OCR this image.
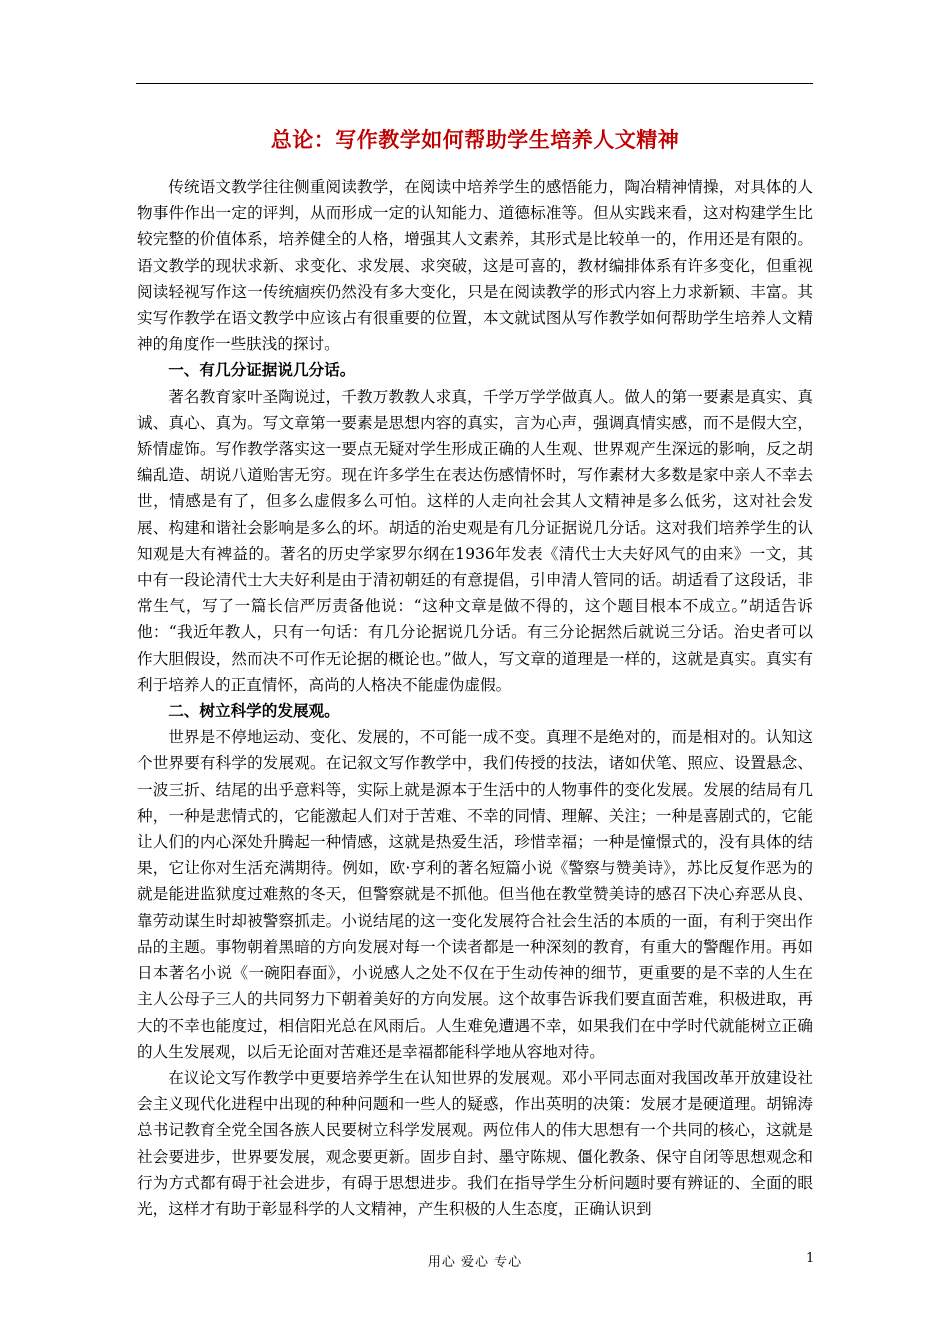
总论：写作教学如何帮助学生培养人文精神

传统语文教学往往侧重阅读教学，在阅读中培养学生的感悟能力，陶冶精神情操，对具体的人物事件作出一定的评判，从而形成一定的认知能力、道德标准等。但从实践来看，这对构建学生比较完整的价值体系，培养健全的人格，增强其人文素养，其形式是比较单一的，作用还是有限的。语文教学的现状求新、求变化、求发展、求突破，这是可喜的，教材编排体系有许多变化，但重视阅读轻视写作这一传统痼疾仍然没有多大变化，只是在阅读教学的形式内容上力求新颖、丰富。其实写作教学在语文教学中应该占有很重要的位置，本文就试图从写作教学如何帮助学生培养人文精神的角度作一些肤浅的探讨。

一、有几分证据说几分话。

著名教育家叶圣陶说过，千教万教教人求真，千学万学学做真人。做人的第一要素是真实、真诚、真心、真为。写文章第一要素是思想内容的真实，言为心声，强调真情实感，而不是假大空，矫情虚饰。写作教学落实这一要点无疑对学生形成正确的人生观、世界观产生深远的影响，反之胡编乱造、胡说八道贻害无穷。现在许多学生在表达伤感情怀时，写作素材大多数是家中亲人不幸去世，情感是有了，但多么虚假多么可怕。这样的人走向社会其人文精神是多么低劣，这对社会发展、构建和谐社会影响是多么的坏。胡适的治史观是有几分证据说几分话。这对我们培养学生的认知观是大有裨益的。著名的历史学家罗尔纲在1936年发表《清代士大夫好风气的由来》一文，其中有一段论清代士大夫好利是由于清初朝廷的有意提倡，引申清人管同的话。胡适看了这段话，非常生气，写了一篇长信严厉责备他说：“这种文章是做不得的，这个题目根本不成立。”胡适告诉他：“我近年教人，只有一句话：有几分论据说几分话。有三分论据然后就说三分话。治史者可以作大胆假设，然而决不可作无论据的概论也。”做人，写文章的道理是一样的，这就是真实。真实有利于培养人的正直情怀，高尚的人格决不能虚伪虚假。

二、树立科学的发展观。

世界是不停地运动、变化、发展的，不可能一成不变。真理不是绝对的，而是相对的。认知这个世界要有科学的发展观。在记叙文写作教学中，我们传授的技法，诸如伏笔、照应、设置悬念、一波三折、结尾的出乎意料等，实际上就是源本于生活中的人物事件的变化发展。发展的结局有几种，一种是悲情式的，它能激起人们对于苦难、不幸的同情、理解、关注；一种是喜剧式的，它能让人们的内心深处升腾起一种情感，这就是热爱生活，珍惜幸福；一种是憧憬式的，没有具体的结果，它让你对生活充满期待。例如，欧·亨利的著名短篇小说《警察与赞美诗》，苏比反复作恶为的就是能进监狱度过难熬的冬天，但警察就是不抓他。但当他在教堂赞美诗的感召下决心弃恶从良、靠劳动谋生时却被警察抓走。小说结尾的这一变化发展符合社会生活的本质的一面，有利于突出作品的主题。事物朝着黑暗的方向发展对每一个读者都是一种深刻的教育，有重大的警醒作用。再如日本著名小说《一碗阳春面》，小说感人之处不仅在于生动传神的细节，更重要的是不幸的人生在主人公母子三人的共同努力下朝着美好的方向发展。这个故事告诉我们要直面苦难，积极进取，再大的不幸也能度过，相信阳光总在风雨后。人生难免遭遇不幸，如果我们在中学时代就能树立正确的人生发展观，以后无论面对苦难还是幸福都能科学地从容地对待。

在议论文写作教学中更要培养学生在认知世界的发展观。邓小平同志面对我国改革开放建设社会主义现代化进程中出现的种种问题和一些人的疑惑，作出英明的决策：发展才是硬道理。胡锦涛总书记教育全党全国各族人民要树立科学发展观。两位伟人的伟大思想有一个共同的核心，这就是社会要进步，世界要发展，观念要更新。固步自封、墨守陈规、僵化教条、保守自闭等思想观念和行为方式都有碍于社会进步，有碍于思想进步。我们在指导学生分析问题时要有辨证的、全面的眼光，这样才有助于彰显科学的人文精神，产生积极的人生态度，正确认识到

用心 爱心 专心	1
